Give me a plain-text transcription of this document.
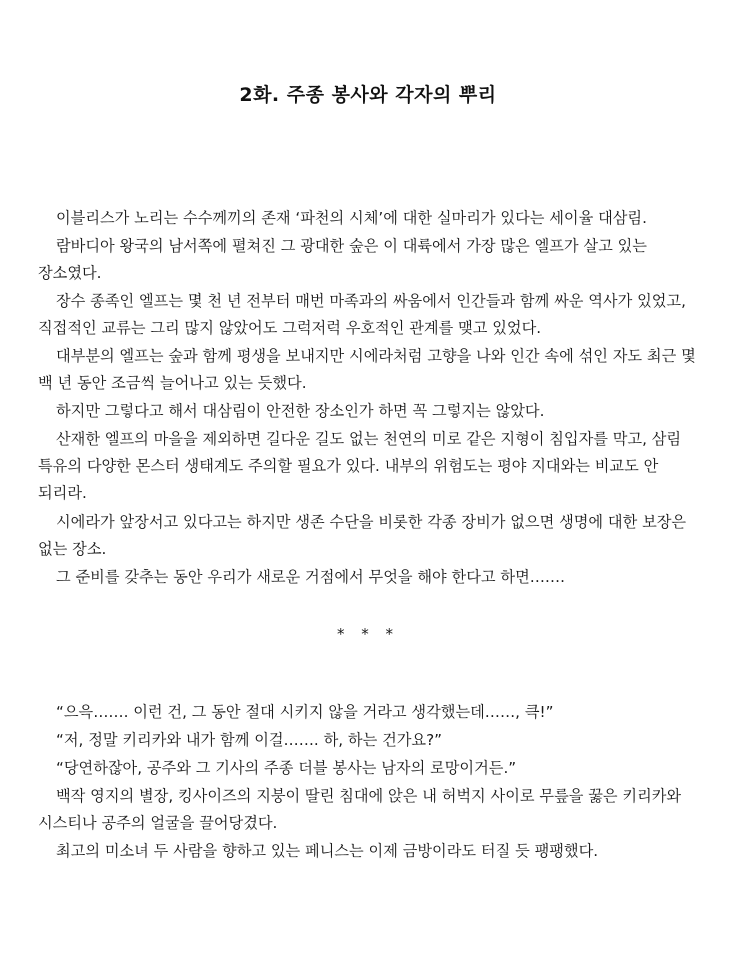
2화. 주종 봉사와 각자의 뿌리

이블리스가 노리는 수수께끼의 존재 ‘파천의 시체’에 대한 실마리가 있다는 세이율 대삼림.

람바디아 왕국의 남서쪽에 펼쳐진 그 광대한 숲은 이 대륙에서 가장 많은 엘프가 살고 있는 장소였다.

장수 종족인 엘프는 몇 천 년 전부터 매번 마족과의 싸움에서 인간들과 함께 싸운 역사가 있었고, 직접적인 교류는 그리 많지 않았어도 그럭저럭 우호적인 관계를 맺고 있었다.

대부분의 엘프는 숲과 함께 평생을 보내지만 시에라처럼 고향을 나와 인간 속에 섞인 자도 최근 몇 백 년 동안 조금씩 늘어나고 있는 듯했다.

하지만 그렇다고 해서 대삼림이 안전한 장소인가 하면 꼭 그렇지는 않았다.

산재한 엘프의 마을을 제외하면 길다운 길도 없는 천연의 미로 같은 지형이 침입자를 막고, 삼림 특유의 다양한 몬스터 생태계도 주의할 필요가 있다. 내부의 위험도는 평야 지대와는 비교도 안 되리라.

시에라가 앞장서고 있다고는 하지만 생존 수단을 비롯한 각종 장비가 없으면 생명에 대한 보장은 없는 장소.

그 준비를 갖추는 동안 우리가 새로운 거점에서 무엇을 해야 한다고 하면…….

* * *

“으윽……. 이런 건, 그 동안 절대 시키지 않을 거라고 생각했는데……, 큭!”

“저, 정말 키리카와 내가 함께 이걸……. 하, 하는 건가요?”

“당연하잖아, 공주와 그 기사의 주종 더블 봉사는 남자의 로망이거든.”

백작 영지의 별장, 킹사이즈의 지붕이 딸린 침대에 앉은 내 허벅지 사이로 무릎을 꿇은 키리카와 시스티나 공주의 얼굴을 끌어당겼다.

최고의 미소녀 두 사람을 향하고 있는 페니스는 이제 금방이라도 터질 듯 팽팽했다.
